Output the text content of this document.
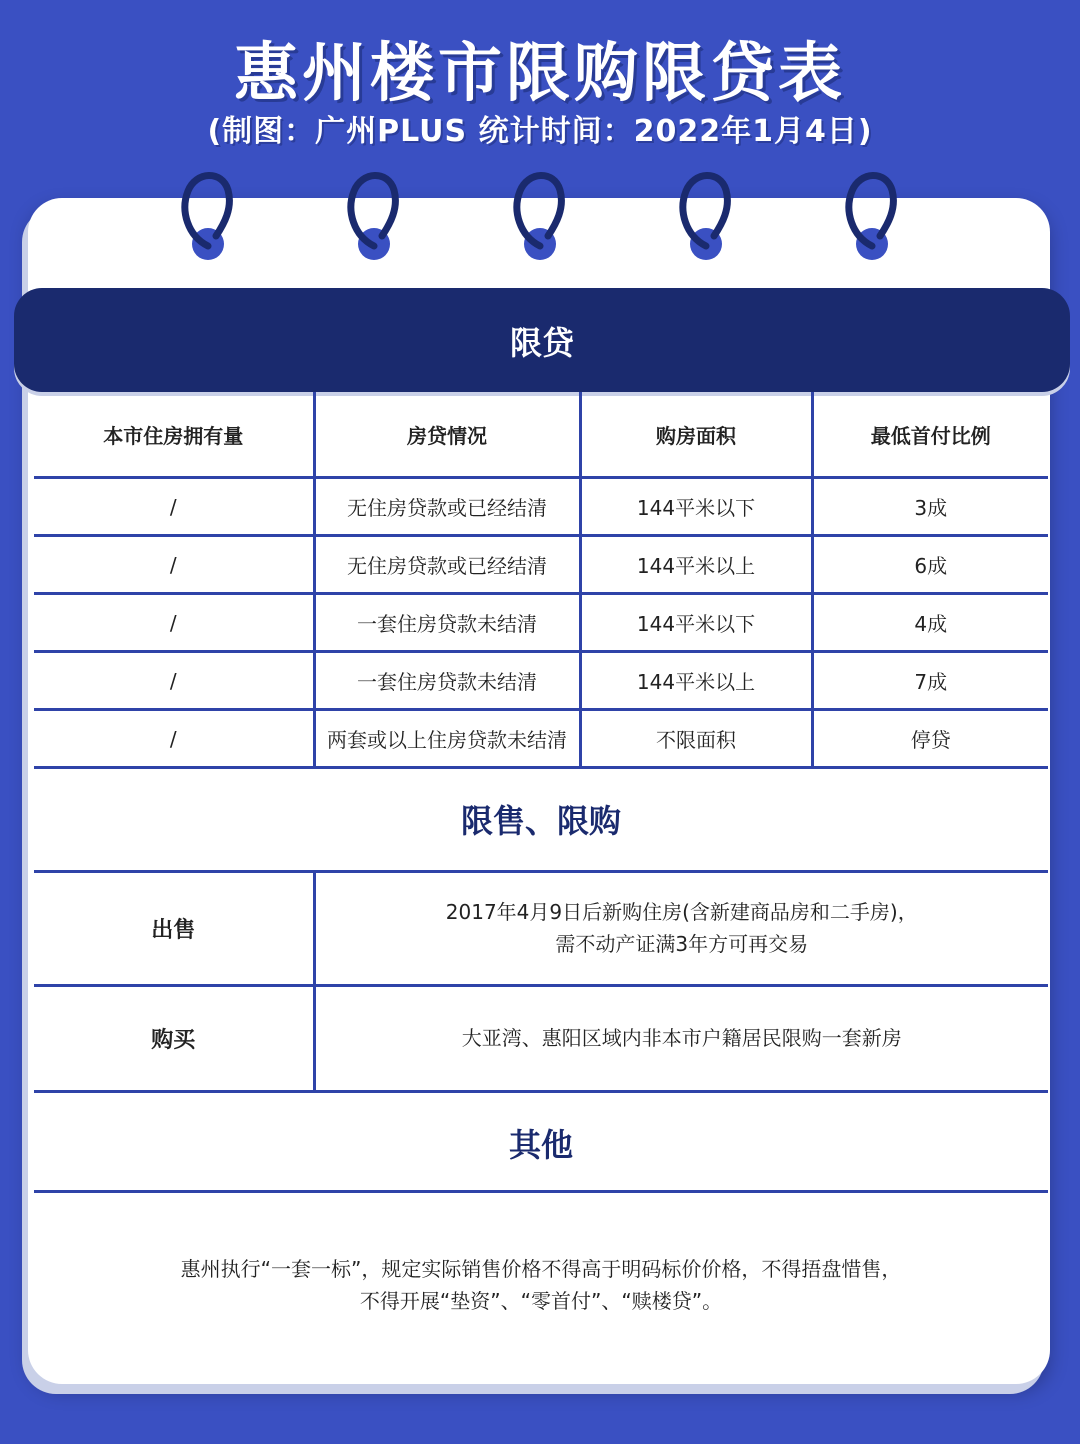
惠州楼市限购限贷表
(制图：广州PLUS 统计时间：2022年1月4日)
限贷
本市住房拥有量	房贷情况	购房面积	最低首付比例
/	无住房贷款或已经结清	144平米以下	3成
/	无住房贷款或已经结清	144平米以上	6成
/	一套住房贷款未结清	144平米以下	4成
/	一套住房贷款未结清	144平米以上	7成
/	两套或以上住房贷款未结清	不限面积	停贷
限售、限购
出售	2017年4月9日后新购住房(含新建商品房和二手房)，
需不动产证满3年方可再交易

购买	大亚湾、惠阳区域内非本市户籍居民限购一套新房
其他
惠州执行“一套一标”，规定实际销售价格不得高于明码标价价格，不得捂盘惜售，
不得开展“垫资”、“零首付”、“赎楼贷”。
